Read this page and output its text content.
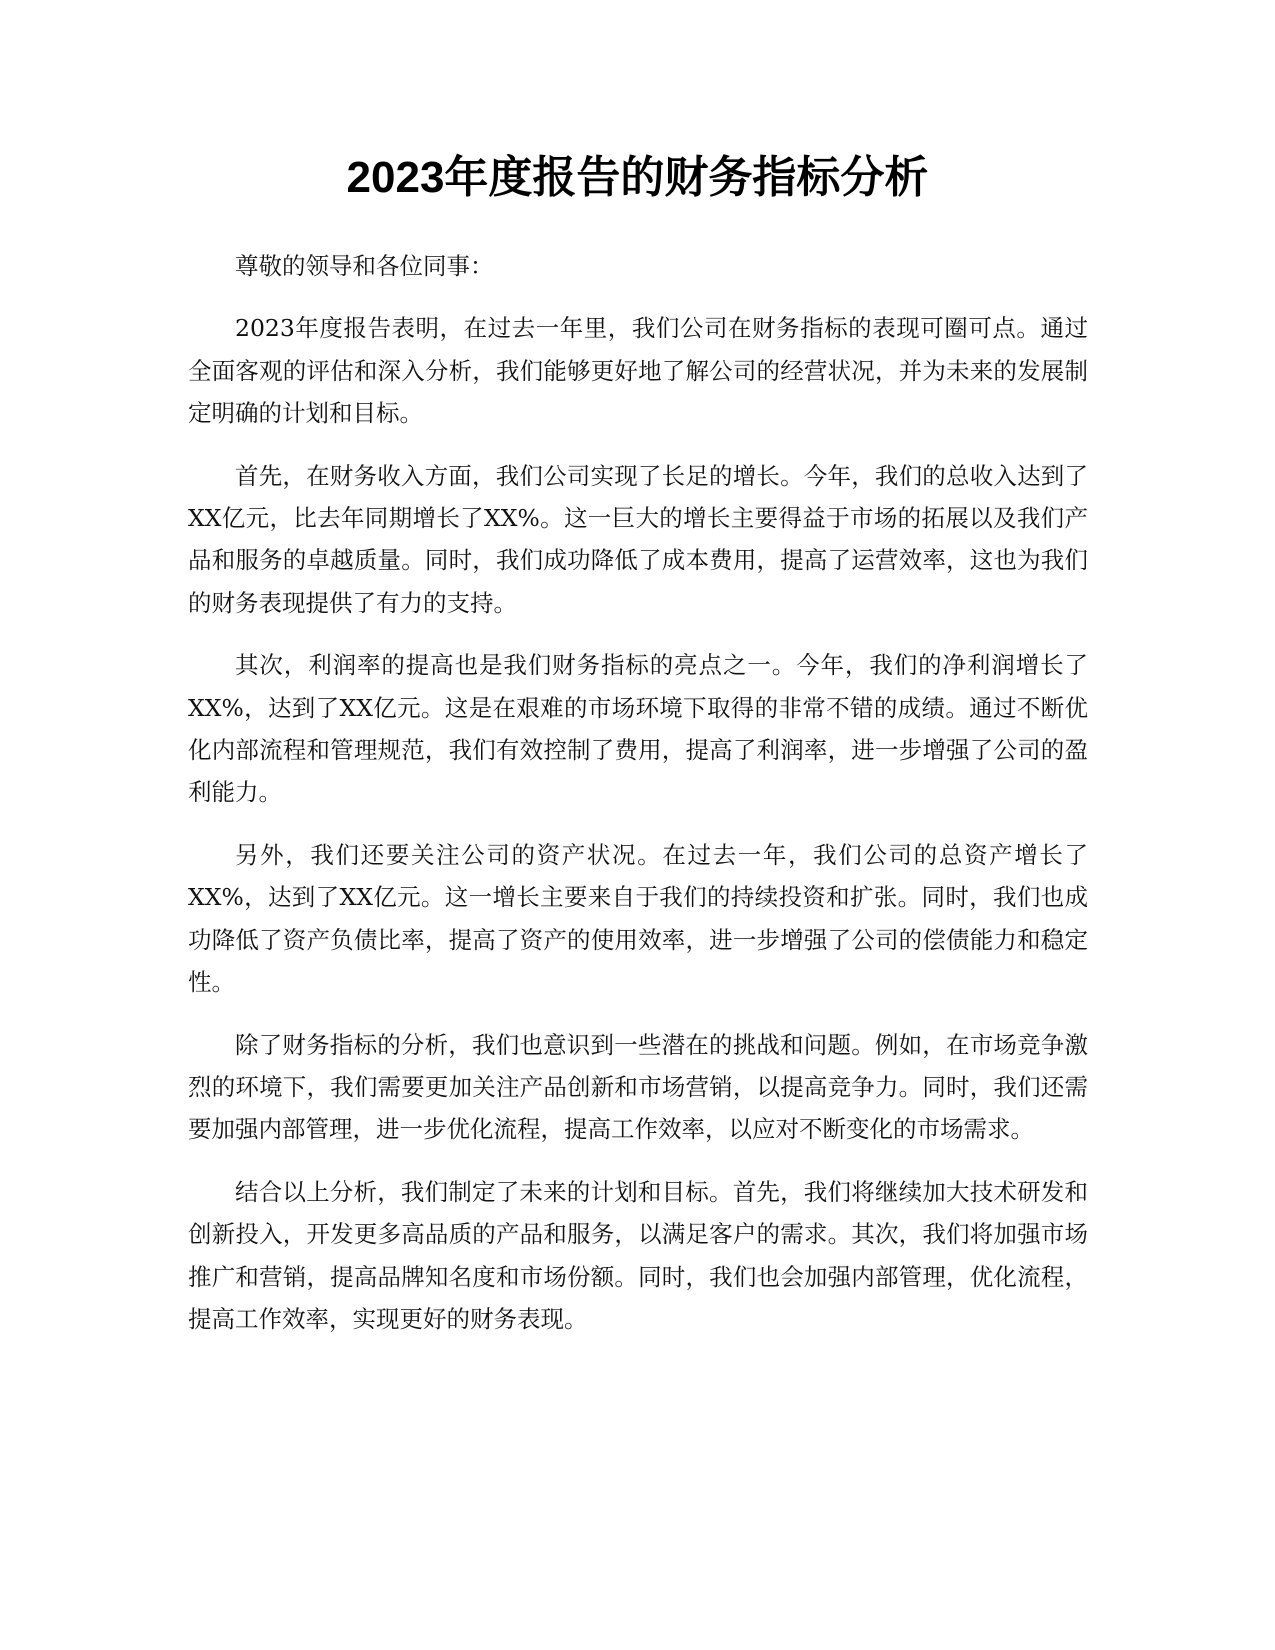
2023年度报告的财务指标分析

尊敬的领导和各位同事：

2023年度报告表明，在过去一年里，我们公司在财务指标的表现可圈可点。通过全面客观的评估和深入分析，我们能够更好地了解公司的经营状况，并为未来的发展制定明确的计划和目标。

首先，在财务收入方面，我们公司实现了长足的增长。今年，我们的总收入达到了XX亿元，比去年同期增长了XX%。这一巨大的增长主要得益于市场的拓展以及我们产品和服务的卓越质量。同时，我们成功降低了成本费用，提高了运营效率，这也为我们的财务表现提供了有力的支持。

其次，利润率的提高也是我们财务指标的亮点之一。今年，我们的净利润增长了XX%，达到了XX亿元。这是在艰难的市场环境下取得的非常不错的成绩。通过不断优化内部流程和管理规范，我们有效控制了费用，提高了利润率，进一步增强了公司的盈利能力。

另外，我们还要关注公司的资产状况。在过去一年，我们公司的总资产增长了XX%，达到了XX亿元。这一增长主要来自于我们的持续投资和扩张。同时，我们也成功降低了资产负债比率，提高了资产的使用效率，进一步增强了公司的偿债能力和稳定性。

除了财务指标的分析，我们也意识到一些潜在的挑战和问题。例如，在市场竞争激烈的环境下，我们需要更加关注产品创新和市场营销，以提高竞争力。同时，我们还需要加强内部管理，进一步优化流程，提高工作效率，以应对不断变化的市场需求。

结合以上分析，我们制定了未来的计划和目标。首先，我们将继续加大技术研发和创新投入，开发更多高品质的产品和服务，以满足客户的需求。其次，我们将加强市场推广和营销，提高品牌知名度和市场份额。同时，我们也会加强内部管理，优化流程，提高工作效率，实现更好的财务表现。
